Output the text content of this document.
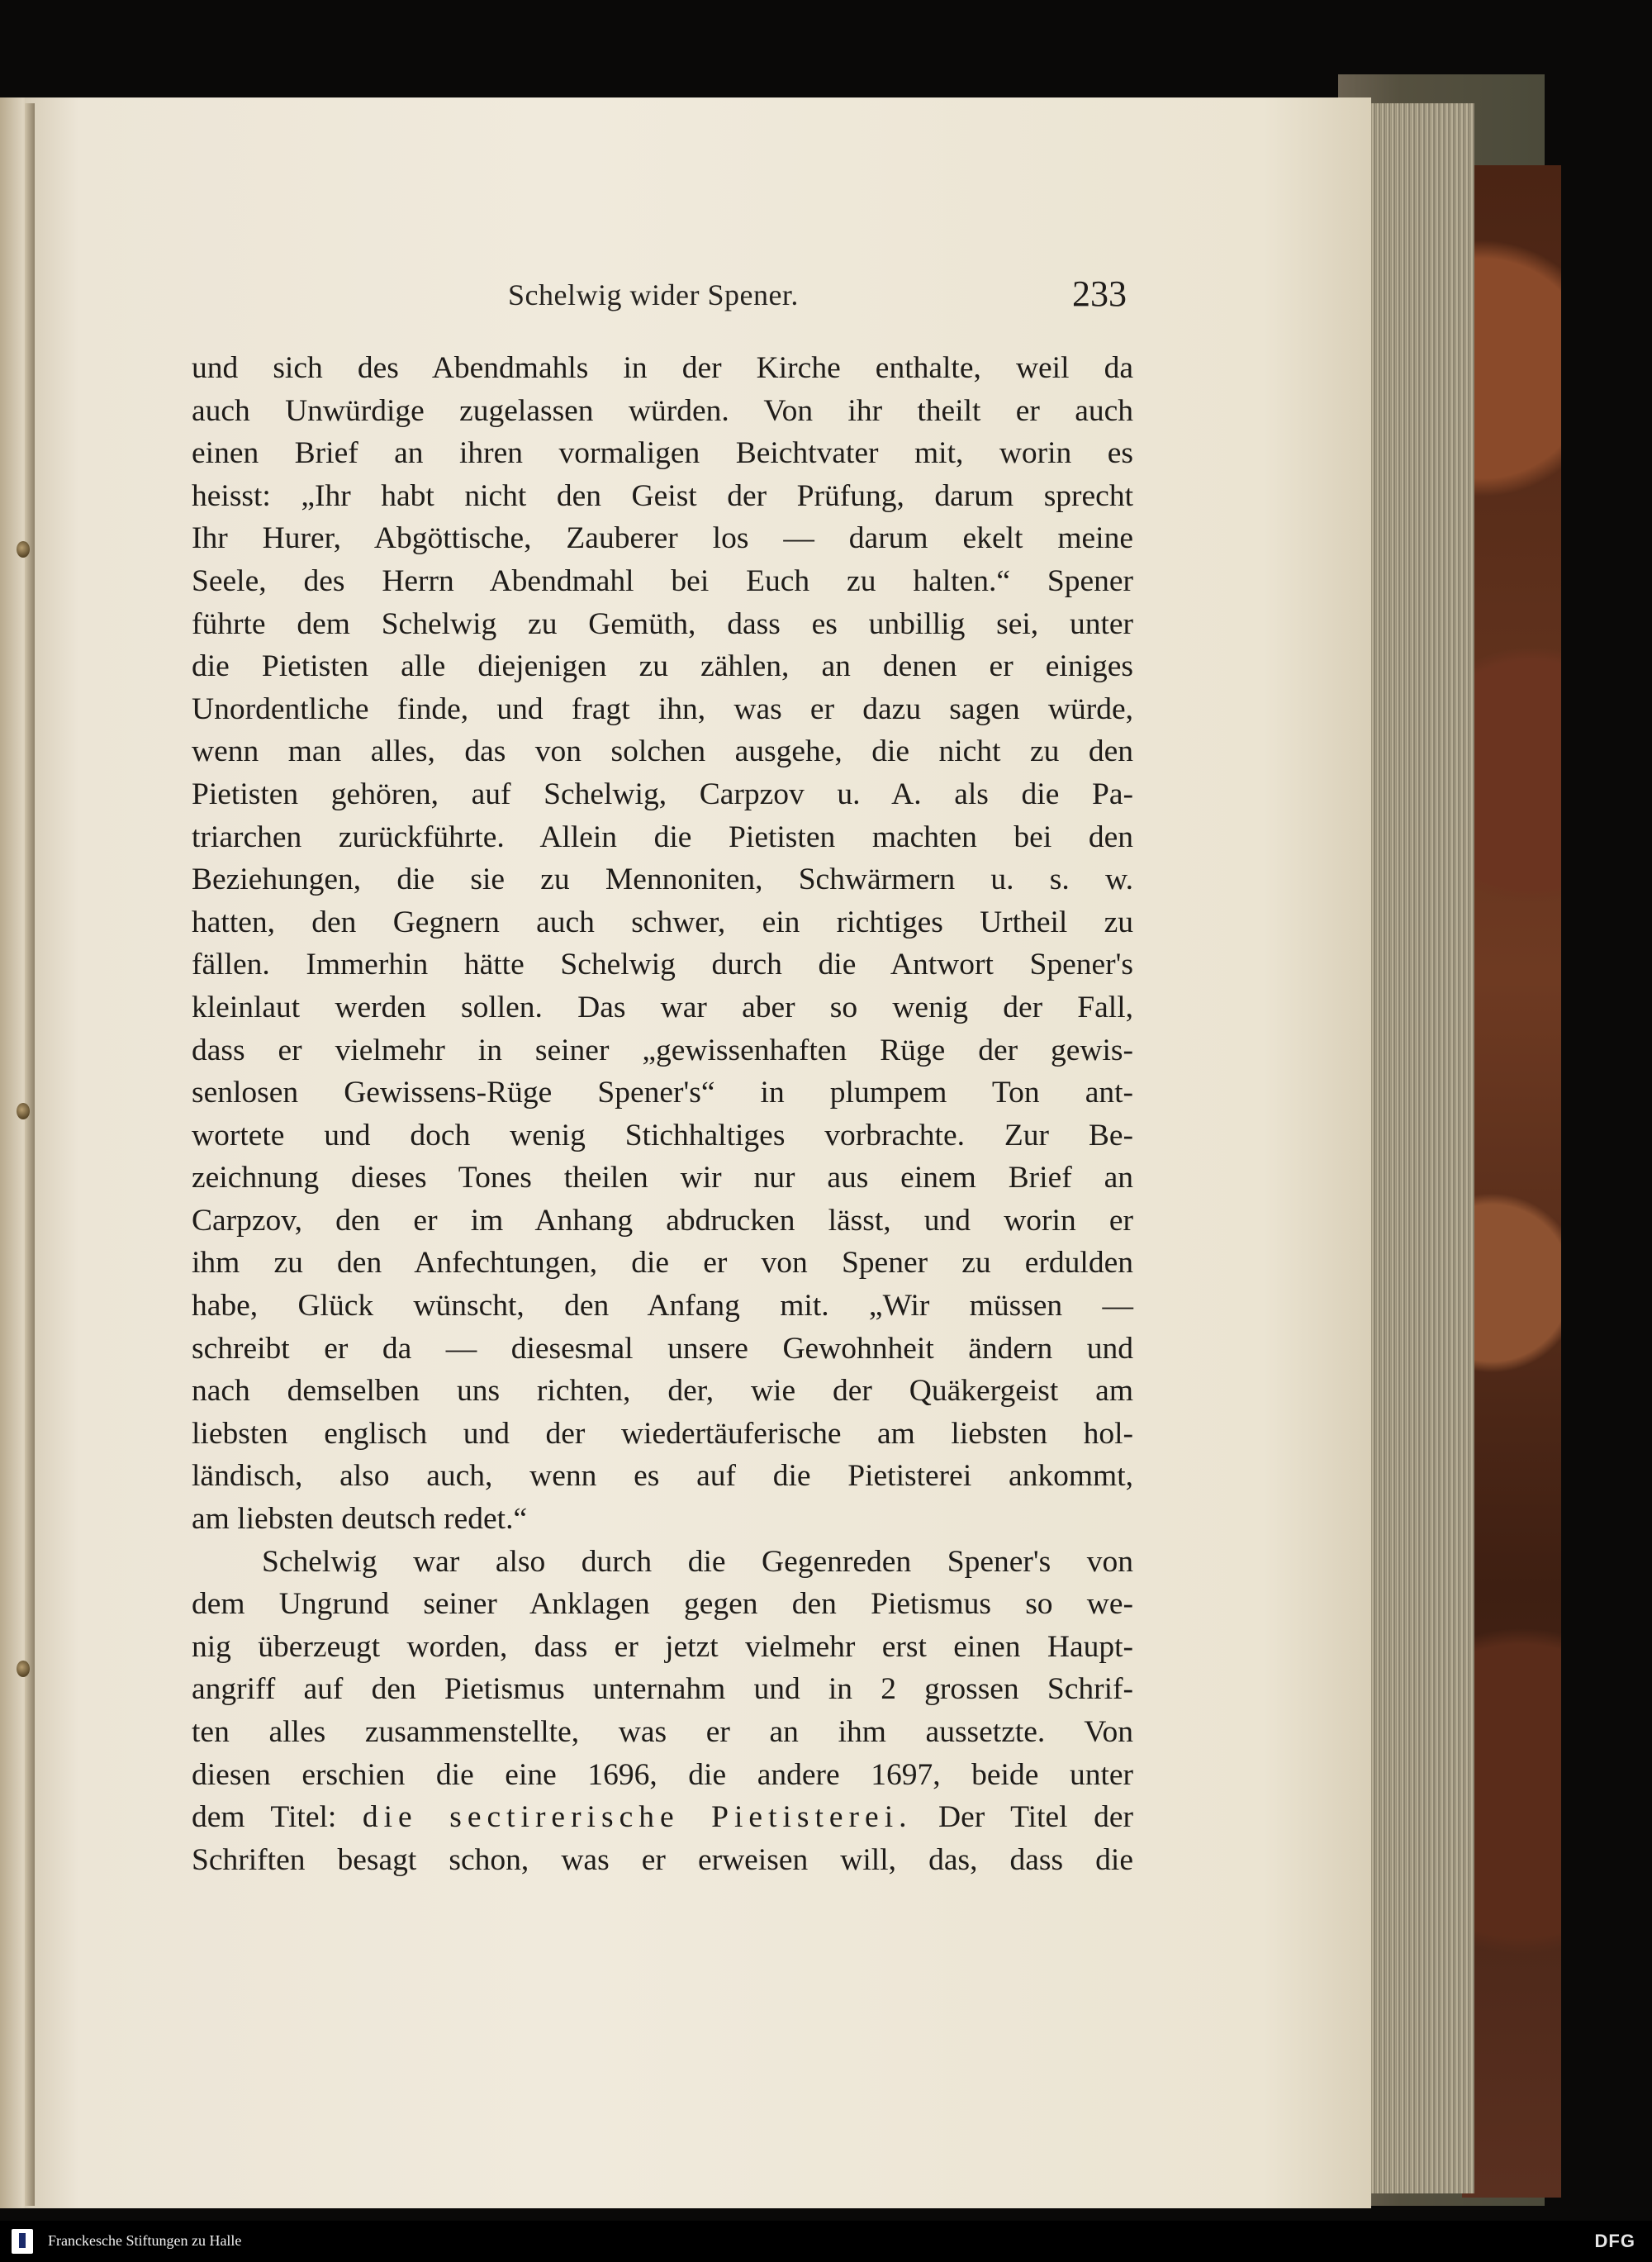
Schelwig wider Spener.	233
und sich des Abendmahls in der Kirche enthalte, weil da
auch Unwürdige zugelassen würden. Von ihr theilt er auch
einen Brief an ihren vormaligen Beichtvater mit, worin es
heisst: „Ihr habt nicht den Geist der Prüfung, darum sprecht
Ihr Hurer, Abgöttische, Zauberer los — darum ekelt meine
Seele, des Herrn Abendmahl bei Euch zu halten.“ Spener
führte dem Schelwig zu Gemüth, dass es unbillig sei, unter
die Pietisten alle diejenigen zu zählen, an denen er einiges
Unordentliche finde, und fragt ihn, was er dazu sagen würde,
wenn man alles, das von solchen ausgehe, die nicht zu den
Pietisten gehören, auf Schelwig, Carpzov u. A. als die Pa-
triarchen zurückführte. Allein die Pietisten machten bei den
Beziehungen, die sie zu Mennoniten, Schwärmern u. s. w.
hatten, den Gegnern auch schwer, ein richtiges Urtheil zu
fällen. Immerhin hätte Schelwig durch die Antwort Spener's
kleinlaut werden sollen. Das war aber so wenig der Fall,
dass er vielmehr in seiner „gewissenhaften Rüge der gewis-
senlosen Gewissens-Rüge Spener's“ in plumpem Ton ant-
wortete und doch wenig Stichhaltiges vorbrachte. Zur Be-
zeichnung dieses Tones theilen wir nur aus einem Brief an
Carpzov, den er im Anhang abdrucken lässt, und worin er
ihm zu den Anfechtungen, die er von Spener zu erdulden
habe, Glück wünscht, den Anfang mit. „Wir müssen —
schreibt er da — diesesmal unsere Gewohnheit ändern und
nach demselben uns richten, der, wie der Quäkergeist am
liebsten englisch und der wiedertäuferische am liebsten hol-
ländisch, also auch, wenn es auf die Pietisterei ankommt,
am liebsten deutsch redet.“
Schelwig war also durch die Gegenreden Spener's von
dem Ungrund seiner Anklagen gegen den Pietismus so we-
nig überzeugt worden, dass er jetzt vielmehr erst einen Haupt-
angriff auf den Pietismus unternahm und in 2 grossen Schrif-
ten alles zusammenstellte, was er an ihm aussetzte. Von
diesen erschien die eine 1696, die andere 1697, beide unter
dem Titel: die sectirerische Pietisterei. Der Titel der
Schriften besagt schon, was er erweisen will, das, dass die
Franckesche Stiftungen zu Halle	DFG
